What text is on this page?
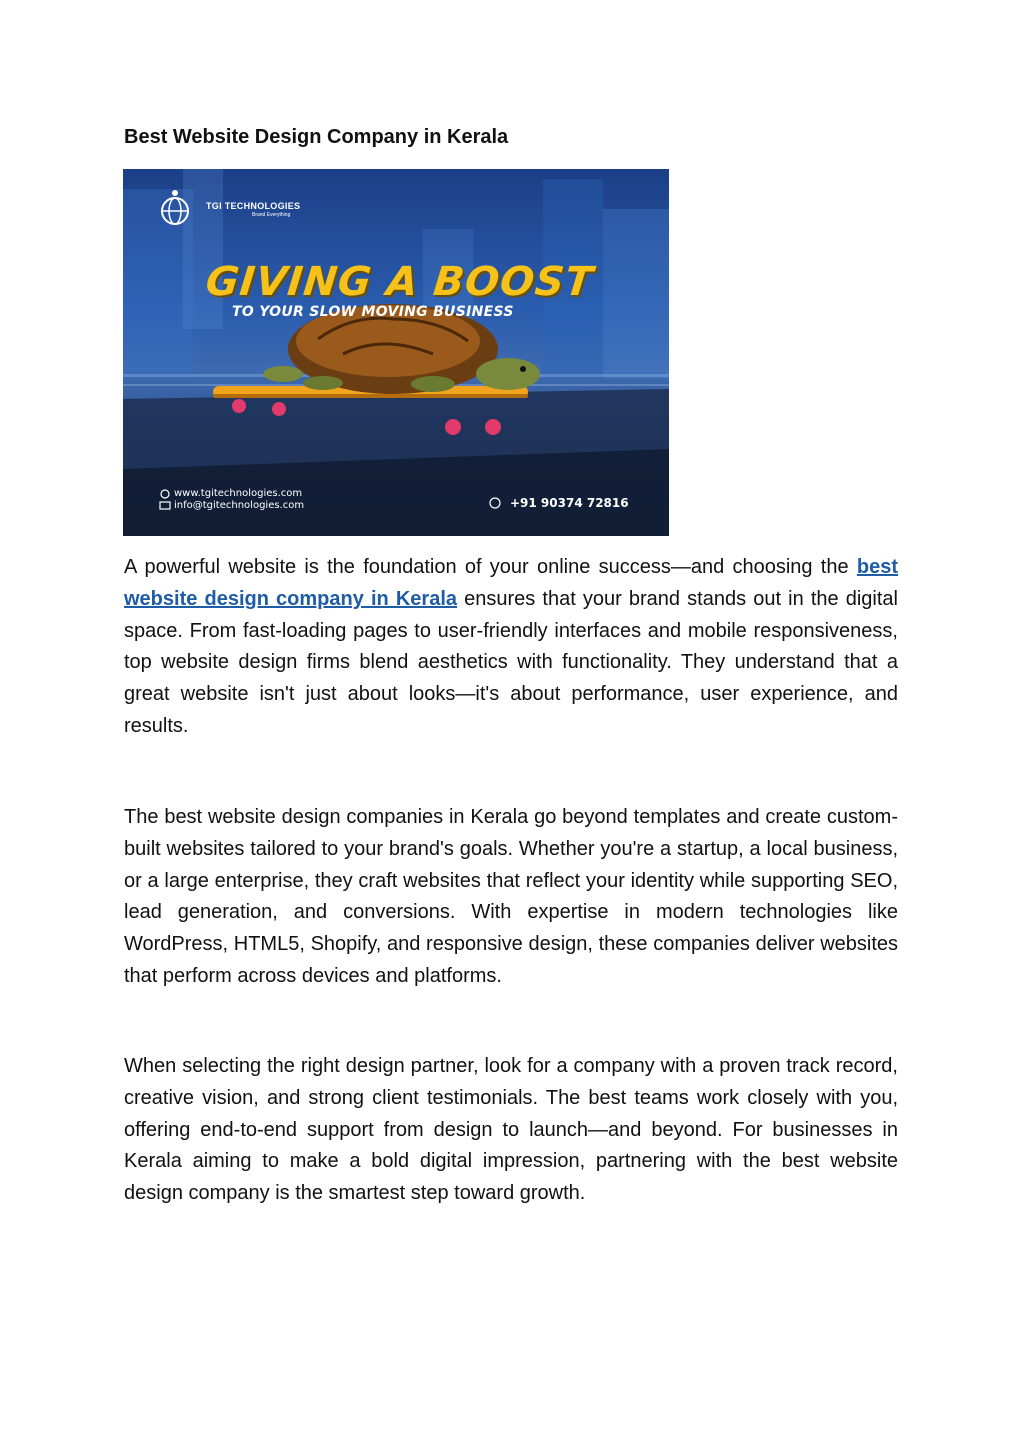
Best Website Design Company in Kerala
TGI TECHNOLOGIES
Brand Everything
GIVING A BOOST
TO YOUR SLOW MOVING BUSINESS
www.tgitechnologies.com
info@tgitechnologies.com	+91 90374 72816

A powerful website is the foundation of your online success—and choosing the best website design company in Kerala ensures that your brand stands out in the digital space. From fast-loading pages to user-friendly interfaces and mobile responsiveness, top website design firms blend aesthetics with functionality. They understand that a great website isn't just about looks—it's about performance, user experience, and results.

The best website design companies in Kerala go beyond templates and create custom-built websites tailored to your brand's goals. Whether you're a startup, a local business, or a large enterprise, they craft websites that reflect your identity while supporting SEO, lead generation, and conversions. With expertise in modern technologies like WordPress, HTML5, Shopify, and responsive design, these companies deliver websites that perform across devices and platforms.

When selecting the right design partner, look for a company with a proven track record, creative vision, and strong client testimonials. The best teams work closely with you, offering end-to-end support from design to launch—and beyond. For businesses in Kerala aiming to make a bold digital impression, partnering with the best website design company is the smartest step toward growth.
